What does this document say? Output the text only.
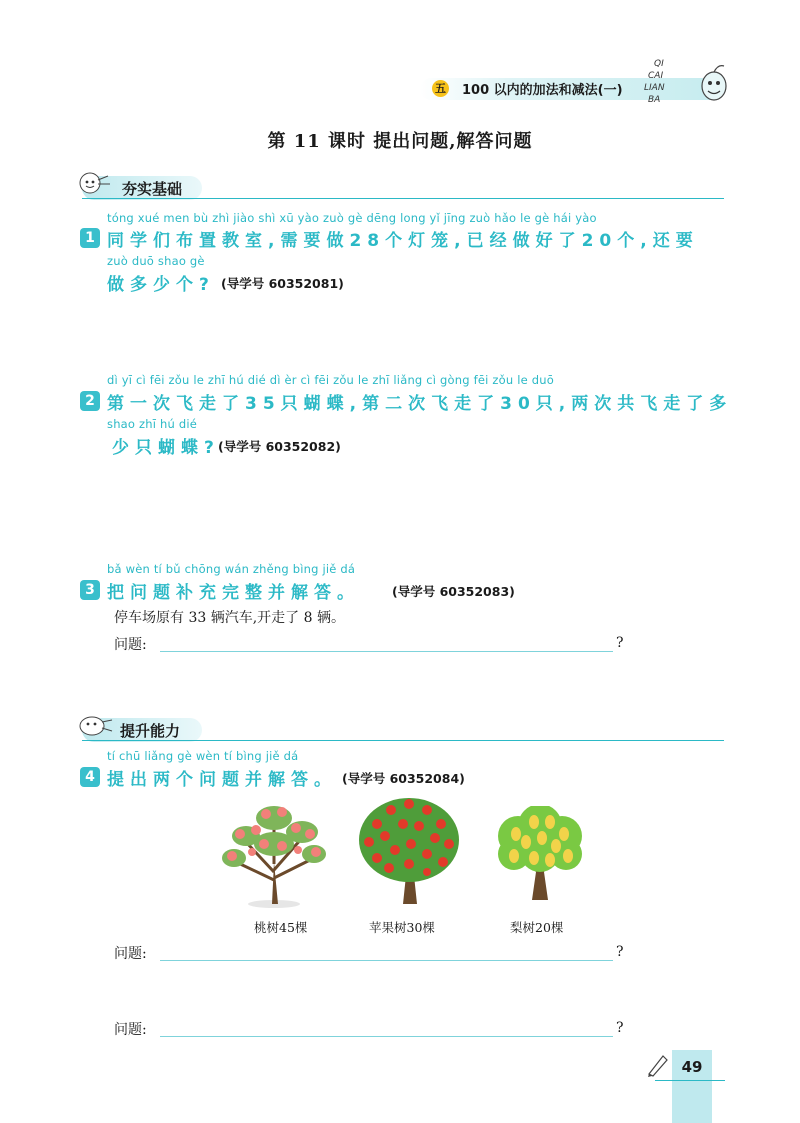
五 100 以内的加法和减法(一)
QI
CAI
LIAN
BA
第 11 课时 提出问题,解答问题
夯实基础
tóng xué men bù zhì jiào shì xū yào zuò gè dēng long yǐ jīng zuò hǎo le gè hái yào
1 同学们布置教室,需要做28个灯笼,已经做好了20个,还要
zuò duō shao gè
做多少个? (导学号 60352081)
dì yī cì fēi zǒu le zhī hú dié dì èr cì fēi zǒu le zhī liǎng cì gòng fēi zǒu le duō
2 第一次飞走了35只蝴蝶,第二次飞走了30只,两次共飞走了多
shao zhī hú dié
少只蝴蝶?
(导学号 60352082)
bǎ wèn tí bǔ chōng wán zhěng bìng jiě dá
3 把问题补充完整并解答。	(导学号 60352083)
停车场原有 33 辆汽车,开走了 8 辆。
问题:	?
提升能力
tí chū liǎng gè wèn tí bìng jiě dá
4 提出两个问题并解答。 (导学号 60352084)
桃树45棵	苹果树30棵	梨树20棵
问题:	?
问题:	?
49
